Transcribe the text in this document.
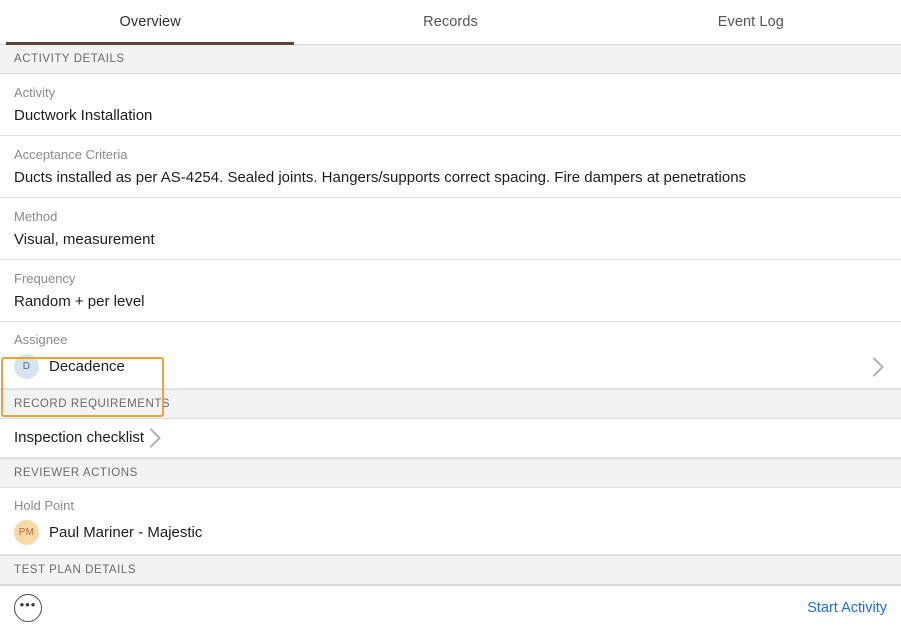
Overview	Records	Event Log
ACTIVITY DETAILS
Activity
Ductwork Installation
Acceptance Criteria
Ducts installed as per AS-4254. Sealed joints. Hangers/supports correct spacing. Fire dampers at penetrations
Method
Visual, measurement
Frequency
Random + per level
Assignee
D Decadence
RECORD REQUIREMENTS
Inspection checklist
REVIEWER ACTIONS
Hold Point
PM Paul Mariner - Majestic
TEST PLAN DETAILS
•••	Start Activity
